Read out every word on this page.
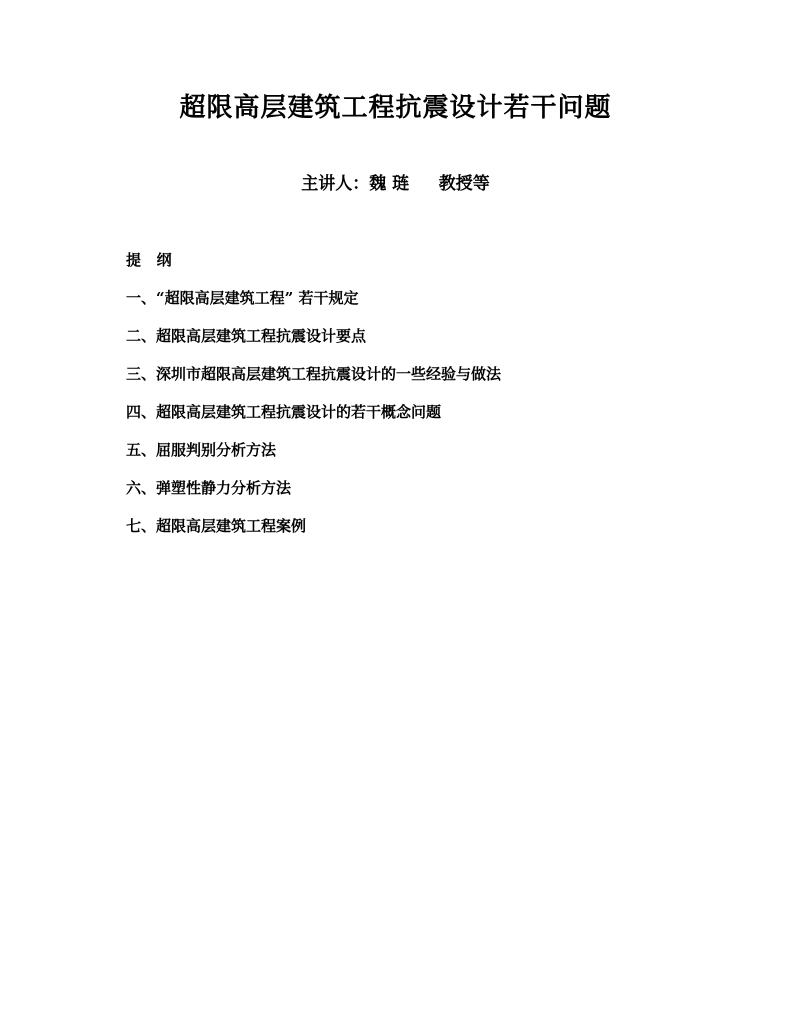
超限高层建筑工程抗震设计若干问题
主讲人：魏 琏     教授等
提   纲
一、“超限高层建筑工程” 若干规定
二、超限高层建筑工程抗震设计要点
三、深圳市超限高层建筑工程抗震设计的一些经验与做法
四、超限高层建筑工程抗震设计的若干概念问题
五、屈服判别分析方法
六、弹塑性静力分析方法
七、超限高层建筑工程案例
